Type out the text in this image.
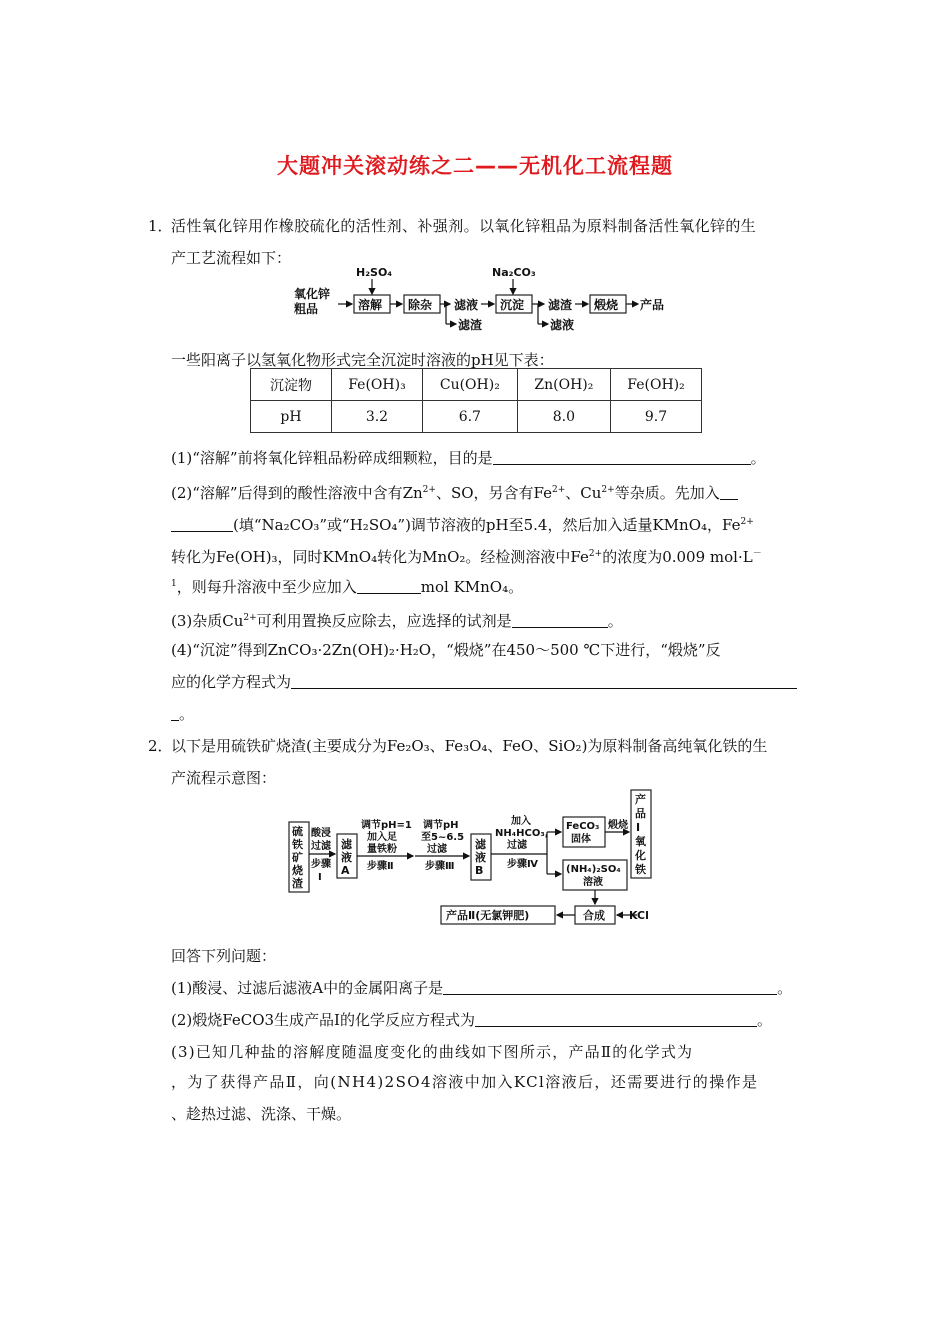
大题冲关滚动练之二——无机化工流程题
1．
活性氧化锌用作橡胶硫化的活性剂、补强剂。以氧化锌粗品为原料制备活性氧化锌的生
产工艺流程如下：
氧化锌
粗品
H₂SO₄
溶解 除杂 滤液
滤渣
Na₂CO₃
沉淀 滤渣
滤液
煅烧 产品
一些阳离子以氢氧化物形式完全沉淀时溶液的pH见下表：
沉淀物	Fe(OH)₃	Cu(OH)₂	Zn(OH)₂	Fe(OH)₂
pH	3.2	6.7	8.0	9.7
(1)“溶解”前将氧化锌粗品粉碎成细颗粒，目的是	。
(2)“溶解”后得到的酸性溶液中含有$Zn^{2+}$、SO，另含有$Fe^{2+}$、$Cu^{2+}$等杂质。先加入
(填“Na₂CO₃”或“H₂SO₄”)调节溶液的pH至5.4，然后加入适量KMnO₄，$Fe^{2+}$
转化为Fe(OH)₃，同时KMnO₄转化为MnO₂。经检测溶液中$Fe^{2+}$的浓度为0.009 mol·L－
$^1$，则每升溶液中至少应加入	mol KMnO₄。
(3)杂质$Cu^{2+}$可利用置换反应除去，应选择的试剂是	。
(4)“沉淀”得到ZnCO₃·2Zn(OH)₂·H₂O，“煅烧”在450～500 ℃下进行，“煅烧”反
应的化学方程式为
。
2．
以下是用硫铁矿烧渣(主要成分为Fe₂O₃、Fe₃O₄、FeO、SiO₂)为原料制备高纯氧化铁的生
产流程示意图：
硫
铁
矿
烧
渣
酸浸
过滤
步骤
Ⅰ
滤
液
A
调节pH=1
加入足
量铁粉
步骤Ⅱ
调节pH
至5~6.5
过滤
步骤Ⅲ
滤
液
B
加入
NH₄HCO₃,
过滤
步骤Ⅳ
FeCO₃
固体
煅烧
产
品
Ⅰ
氧
化
铁
(NH₄)₂SO₄
溶液
合成 KCl
产品Ⅱ(无氯钾肥)
回答下列问题：
(1)酸浸、过滤后滤液A中的金属阳离子是	。
(2)煅烧FeCO3生成产品Ⅰ的化学反应方程式为	。
(3)已知几种盐的溶解度随温度变化的曲线如下图所示，产品Ⅱ的化学式为
，为了获得产品Ⅱ，向(NH4)2SO4溶液中加入KCl溶液后，还需要进行的操作是
、趁热过滤、洗涤、干燥。
